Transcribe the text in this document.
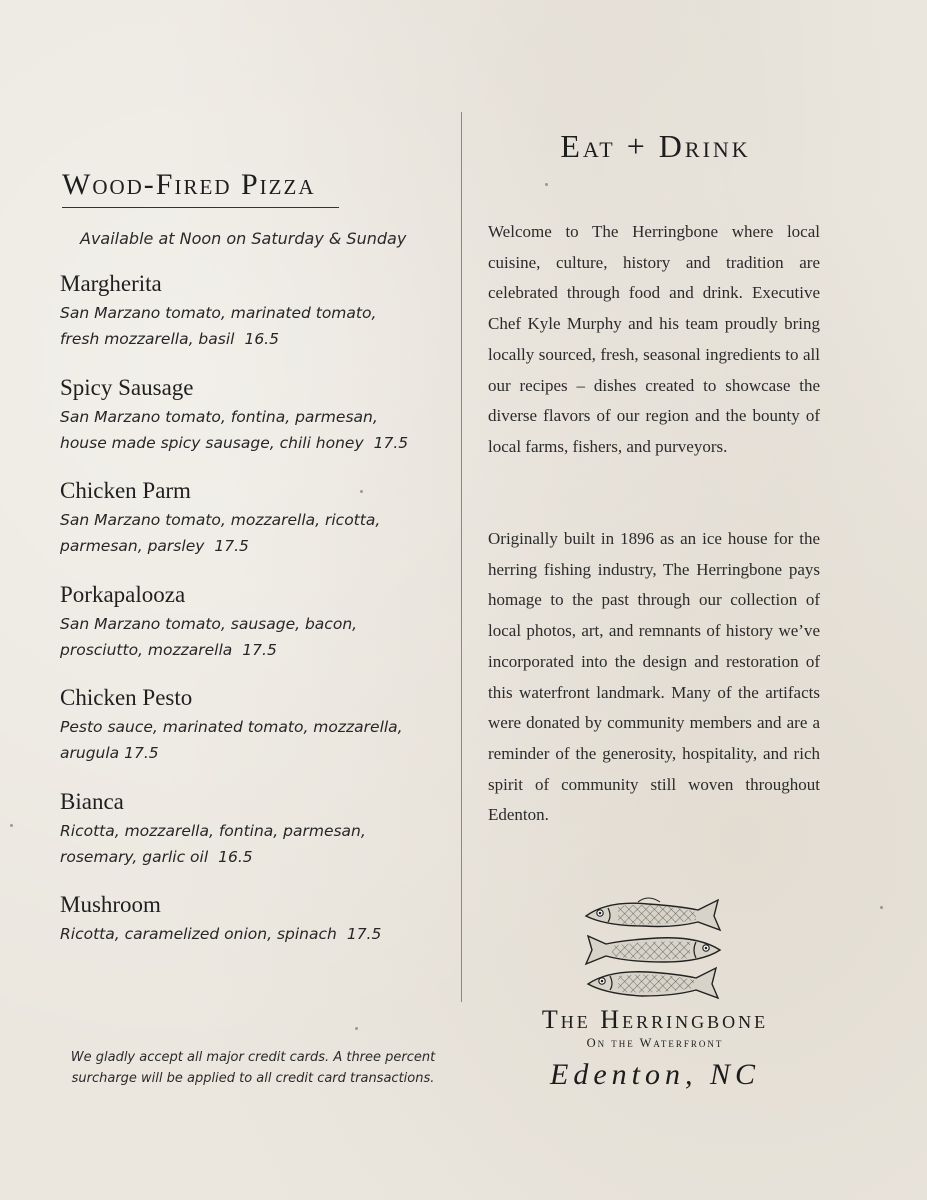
Wood-Fired Pizza
Available at Noon on Saturday & Sunday

Margherita

San Marzano tomato, marinated tomato,
fresh mozzarella, basil 16.5

Spicy Sausage

San Marzano tomato, fontina, parmesan,
house made spicy sausage, chili honey 17.5

Chicken Parm

San Marzano tomato, mozzarella, ricotta,
parmesan, parsley 17.5

Porkapalooza

San Marzano tomato, sausage, bacon,
prosciutto, mozzarella 17.5

Chicken Pesto

Pesto sauce, marinated tomato, mozzarella,
arugula 17.5

Bianca

Ricotta, mozzarella, fontina, parmesan,
rosemary, garlic oil 16.5

Mushroom

Ricotta, caramelized onion, spinach 17.5

We gladly accept all major credit cards. A three percent
surcharge will be applied to all credit card transactions.
Eat + Drink

Welcome to The Herringbone where local cuisine, culture, history and tradition are celebrated through food and drink. Executive Chef Kyle Murphy and his team proudly bring locally sourced, fresh, seasonal ingredients to all our recipes – dishes created to showcase the diverse flavors of our region and the bounty of local farms, fishers, and purveyors.

Originally built in 1896 as an ice house for the herring fishing industry, The Herringbone pays homage to the past through our collection of local photos, art, and remnants of history we’ve incorporated into the design and restoration of this waterfront landmark. Many of the artifacts were donated by community members and are a reminder of the generosity, hospitality, and rich spirit of community still woven throughout Edenton.

The Herringbone
On the Waterfront
Edenton, NC
